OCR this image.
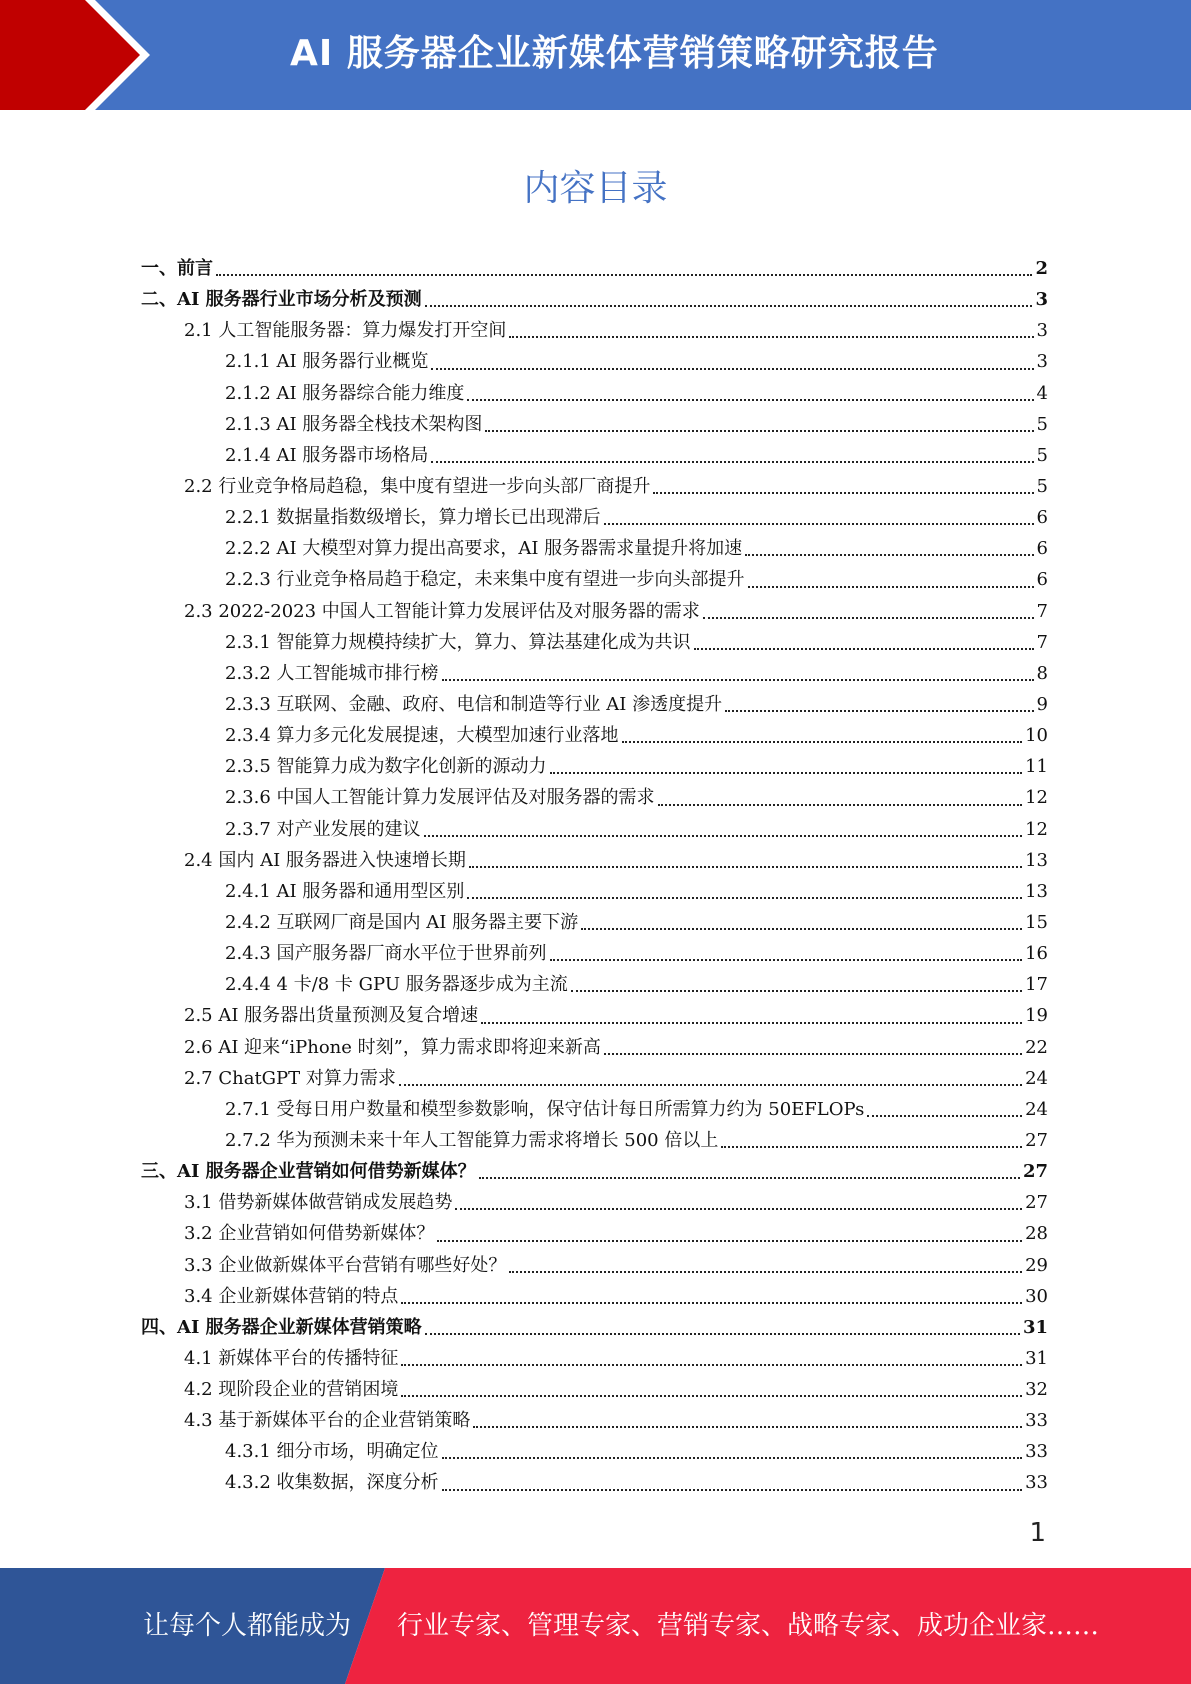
AI 服务器企业新媒体营销策略研究报告
内容目录
一、前言	2
二、AI 服务器行业市场分析及预测	3
2.1 人工智能服务器：算力爆发打开空间	3
2.1.1 AI 服务器行业概览	3
2.1.2 AI 服务器综合能力维度	4
2.1.3 AI 服务器全栈技术架构图	5
2.1.4 AI 服务器市场格局	5
2.2 行业竞争格局趋稳，集中度有望进一步向头部厂商提升	5
2.2.1 数据量指数级增长，算力增长已出现滞后	6
2.2.2 AI 大模型对算力提出高要求，AI 服务器需求量提升将加速	6
2.2.3 行业竞争格局趋于稳定，未来集中度有望进一步向头部提升	6
2.3 2022-2023 中国人工智能计算力发展评估及对服务器的需求	7
2.3.1 智能算力规模持续扩大，算力、算法基建化成为共识	7
2.3.2 人工智能城市排行榜	8
2.3.3 互联网、金融、政府、电信和制造等行业 AI 渗透度提升	9
2.3.4 算力多元化发展提速，大模型加速行业落地	10
2.3.5 智能算力成为数字化创新的源动力	11
2.3.6 中国人工智能计算力发展评估及对服务器的需求	12
2.3.7 对产业发展的建议	12
2.4 国内 AI 服务器进入快速增长期	13
2.4.1 AI 服务器和通用型区别	13
2.4.2 互联网厂商是国内 AI 服务器主要下游	15
2.4.3 国产服务器厂商水平位于世界前列	16
2.4.4 4 卡/8 卡 GPU 服务器逐步成为主流	17
2.5 AI 服务器出货量预测及复合增速	19
2.6 AI 迎来“iPhone 时刻”，算力需求即将迎来新高	22
2.7 ChatGPT 对算力需求	24
2.7.1 受每日用户数量和模型参数影响，保守估计每日所需算力约为 50EFLOPs	24
2.7.2 华为预测未来十年人工智能算力需求将增长 500 倍以上	27
三、AI 服务器企业营销如何借势新媒体？	27
3.1 借势新媒体做营销成发展趋势	27
3.2 企业营销如何借势新媒体？	28
3.3 企业做新媒体平台营销有哪些好处？	29
3.4 企业新媒体营销的特点	30
四、AI 服务器企业新媒体营销策略	31
4.1 新媒体平台的传播特征	31
4.2 现阶段企业的营销困境	32
4.3 基于新媒体平台的企业营销策略	33
4.3.1 细分市场，明确定位	33
4.3.2 收集数据，深度分析	33
1
让每个人都能成为 行业专家、管理专家、营销专家、战略专家、成功企业家……
